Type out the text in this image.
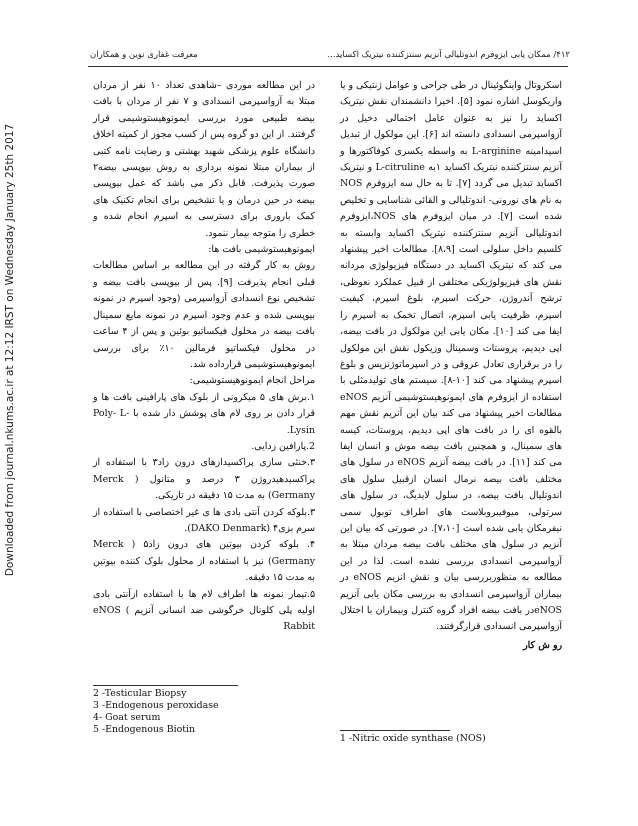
Downloaded from journal.nkums.ac.ir at 12:12 IRST on Wednesday January 25th 2017
معرفت غفاری نوین و همکاران	۴۱۲/ ممکان یابی ایزوفرم اندوتلیالی آنزیم سنتزکننده نیتریک اکساید...

اسکروتال واینگوئینال در طی جراحی و عوامل ژنتیکی و یا واریکوسل اشاره نمود [۵]. اخیرا دانشمندان نقش نیتریک اکساید را نیز به عنوان عامل احتمالی دخیل در آزواسپرمی انسدادی دانسته اند [۶]. این مولکول از تبدیل اسیدامینه L-arginine به واسطه یکسری کوفاکتورها و آنزیم سنتزکننده نیتریک اکساید ۱به L-citruline و نیتریک اکساید تبدیل می گردد [۷]. تا به حال سه ایزوفرم NOS به نام های نورونی- اندوتلیالی و القائی شناسایی و تخلیص شده است [۷]. در میان ایزوفرم های NOS،ایزوفرم اندوتلیالی آنزیم سنتزکننده نیتریک اکساید وابسته به کلسیم داخل سلولی است [۸،۹]. مطالعات اخیر پیشنهاد می کند که نیتریک اکساید در دستگاه فیزیولوژی مردانه نقش های فیزیولوژیکی مختلفی از قبیل عملکرد نعوظی، ترشح آندروژن، حرکت اسپرم، بلوغ اسپرم، کیفیت اسپرم، ظرفیت یابی اسپرم، اتصال تخمک به اسپرم را ایفا می کند [۱۰]. مکان یابی این مولکول در بافت بیضه، اپی دیدیم، پروستات وسمینال وزیکول نقش این مولکول را در برقراری تعادل عروقی و در اسپرماتوژنزیس و بلوغ اسپرم پیشنهاد می کند [۱۰-۸]. سیستم های تولیدمثلی با استفاده از ایزوفرم های ایمونوهیستوشیمی آنزیم eNOS مطالعات اخیر پیشنهاد می کند بیان این آنزیم نقش مهم بالقوه ای را در بافت های اپی دیدیم، پروستات، کیسه های سمینال، و همچنین بافت بیضه موش و انسان ایفا می کند [۱۱]. در بافت بیضه آنزیم eNOS در سلول های مختلف بافت بیضه نرمال انسان ازقبیل سلول های اندوتلیال بافت بیضه، در سلول لایدیگ، در سلول های سرتولی، میوفیبروبلاست های اطراف توبول سمی نیفرمکان یابی شده است [۷،۱۰]. در صورتی که بیان این آنزیم در سلول های مختلف بافت بیضه مردان مبتلا به آزواسپرمی انسدادی بررسی نشده است. لذا در این مطالعه به منظوربررسی بیان و نقش انزیم eNOS در بیماران آزواسپرمی انسدادی به بررسی مکان یابی آنزیم eNOSدر بافت بیضه افراد گروه کنترل وبیماران با اختلال آزواسپرمی انسدادی قرارگرفتند.

رو ش کار

در این مطالعه موردی –شاهدی تعداد ۱۰ نفر از مردان مبتلا به آزواسپرمی انسدادی و ۷ نفر از مردان با بافت بیضه طبیعی مورد بررسی ایمونوهیستوشیمی قرار گرفتند. از این دو گروه پس از کسب مجوز از کمیته اخلاق دانشگاه علوم پزشکی شهید بهشتی و رضایت نامه کتبی از بیماران مبتلا نمونه برداری به روش بیوپسی بیضه۲ صورت پذیرفت. قابل ذکر می باشد که عمل بیوپسی بیضه در حین درمان و یا تشخیص برای انجام تکنیک های کمک باروری برای دسترسی به اسپرم انجام شده و خطری را متوجه بیمار ننمود.

ایمونوهیستوشیمی بافت ها:

روش به کار گرفته در این مطالعه بر اساس مطالعات قبلی انجام پذیرفت [۹]. پس از بیوپسی بافت بیضه و تشخیص نوع انسدادی آزواسپرمی (وجود اسپرم در نمونه بیوپسی شده و عدم وجود اسپرم در نمونه مایع سمینال بافت بیضه در محلول فیکساتیو بوئین و پس از ۴ ساعت در محلول فیکساتیو فرمالین ۱۰٪ برای بررسی ایمونوهیستوشیمی قرارداده شد.

مراحل انجام ایمونوهیستوشیمی:

۱.برش های ۵ میکرونی از بلوک های پارافینی بافت ها و قرار دادن بر روی لام های پوشش دار شده با Poly- L- Lysin.

2.پارافین زدایی.

۳.خنثی سازی پراکسیدازهای درون زاد۳ با استفاده از پراکسیدهیدروژن ۳ درصد و متانول ( Merck Germany) به مدت ۱۵ دقیقه در تاریکی.

۳.بلوکه کردن آنتی بادی ها ی غیر اختصاصی با استفاده از سرم بزی۴ (DAKO Denmark).

۴. بلوکه کردن بیوتین های درون زاد۵ ( Merck Germany) نیز با استفاده از محلول بلوک کننده بیوتین به مدت ۱۵ دقیقه.

۵.تیمار نمونه ها اطراف لام ها با استفاده ازآنتی بادی اولیه پلی کلونال خرگوشی ضد انسانی آنزیم eNOS ( Rabbit

2 -Testicular Biopsy
3 -Endogenous peroxidase
4- Goat serum
5 -Endogenous Biotin
1 -Nitric oxide synthase (NOS)
